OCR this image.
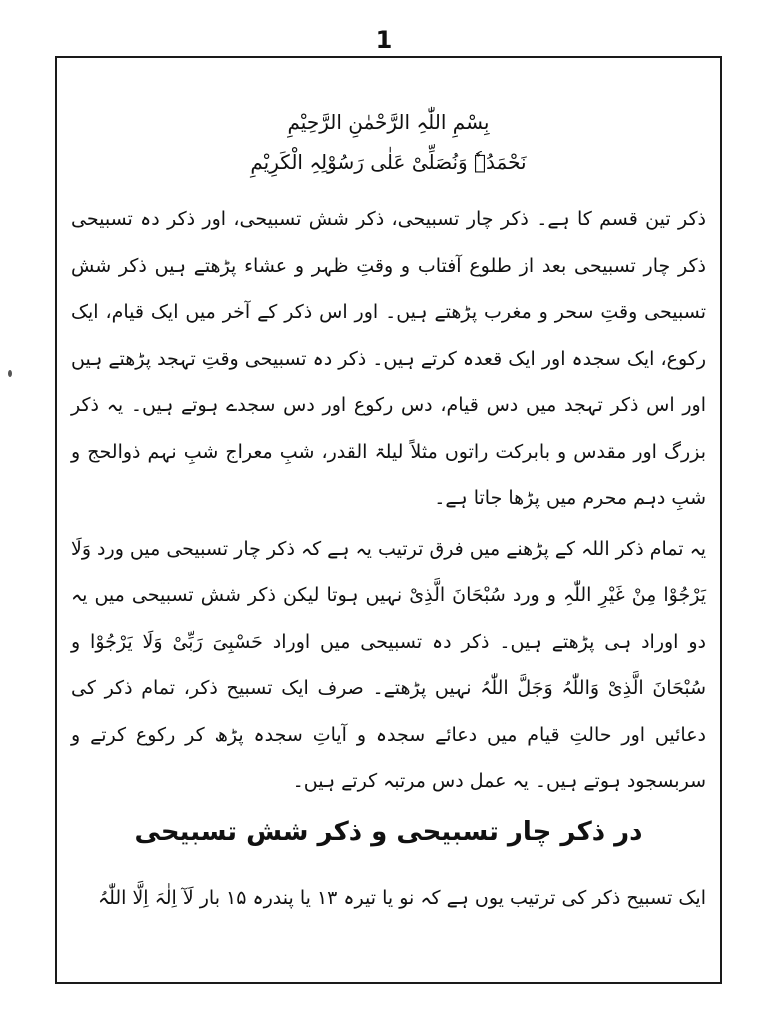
1
بِسْمِ اللّٰہِ الرَّحْمٰنِ الرَّحِیْمِ
نَحْمَدُہٗ وَنُصَلِّیْ عَلٰی رَسُوْلِہِ الْکَرِیْمِ
ذکر تین قسم کا ہے۔ ذکر چار تسبیحی، ذکر شش تسبیحی، اور ذکر دہ تسبیحی ذکر چار تسبیحی بعد از طلوع آفتاب و وقتِ ظہر و عشاء پڑھتے ہیں ذکر شش تسبیحی وقتِ سحر و مغرب پڑھتے ہیں۔ اور اس ذکر کے آخر میں ایک قیام، ایک رکوع، ایک سجدہ اور ایک قعدہ کرتے ہیں۔ ذکر دہ تسبیحی وقتِ تہجد پڑھتے ہیں اور اس ذکر تہجد میں دس قیام، دس رکوع اور دس سجدے ہوتے ہیں۔ یہ ذکر بزرگ اور مقدس و بابرکت راتوں مثلاً لیلۃ القدر، شبِ معراج شبِ نہم ذوالحج و شبِ دہم محرم میں پڑھا جاتا ہے۔
یہ تمام ذکر اللہ کے پڑھنے میں فرق ترتیب یہ ہے کہ ذکر چار تسبیحی میں ورد وَلَا یَرْجُوْا مِنْ غَیْرِ اللّٰہِ و ورد سُبْحَانَ الَّذِیْ نہیں ہوتا لیکن ذکر شش تسبیحی میں یہ دو اوراد ہی پڑھتے ہیں۔ ذکر دہ تسبیحی میں اوراد حَسْبِیَ رَبِّیْ وَلَا یَرْجُوْا و سُبْحَانَ الَّذِیْ وَاللّٰہُ وَجَلَّ اللّٰہُ نہیں پڑھتے۔ صرف ایک تسبیح ذکر، تمام ذکر کی دعائیں اور حالتِ قیام میں دعائے سجدہ و آیاتِ سجدہ پڑھ کر رکوع کرتے و سربسجود ہوتے ہیں۔ یہ عمل دس مرتبہ کرتے ہیں۔
در ذکر چار تسبیحی و ذکر شش تسبیحی
ایک تسبیح ذکر کی ترتیب یوں ہے کہ نو یا تیرہ ۱۳ یا پندرہ ۱۵ بار لَآ اِلٰہَ اِلَّا اللّٰہُ
